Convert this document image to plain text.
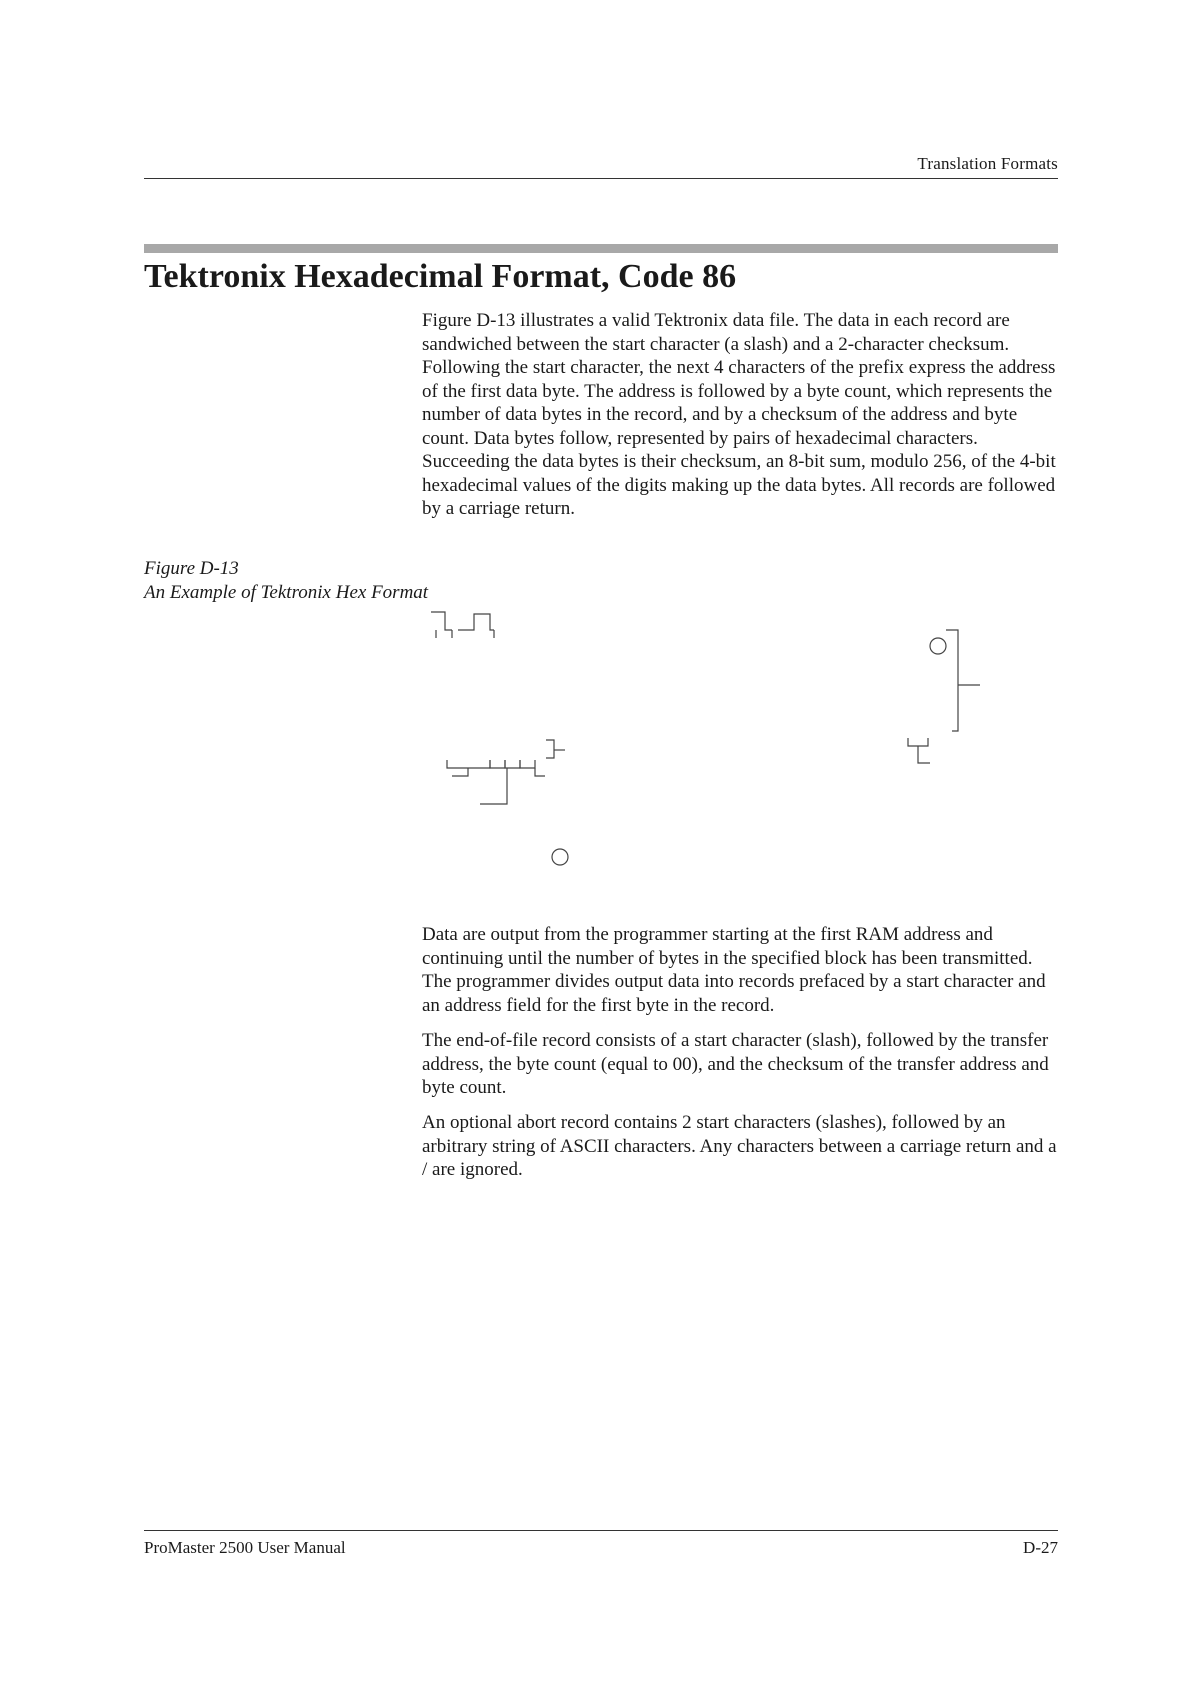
Translation Formats
Tektronix Hexadecimal Format, Code 86

Figure D-13 illustrates a valid Tektronix data file. The data in each record are sandwiched between the start character (a slash) and a 2-character checksum. Following the start character, the next 4 characters of the prefix express the address of the first data byte. The address is followed by a byte count, which represents the number of data bytes in the record, and by a checksum of the address and byte count. Data bytes follow, represented by pairs of hexadecimal characters. Succeeding the data bytes is their checksum, an 8-bit sum, modulo 256, of the 4-bit hexadecimal values of the digits making up the data bytes. All records are followed by a carriage return.

Figure D-13
An Example of Tektronix Hex Format

Data are output from the programmer starting at the first RAM address and continuing until the number of bytes in the specified block has been transmitted. The programmer divides output data into records prefaced by a start character and an address field for the first byte in the record.

The end-of-file record consists of a start character (slash), followed by the transfer address, the byte count (equal to 00), and the checksum of the transfer address and byte count.

An optional abort record contains 2 start characters (slashes), followed by an arbitrary string of ASCII characters. Any characters between a carriage return and a / are ignored.

ProMaster 2500 User Manual	D-27
